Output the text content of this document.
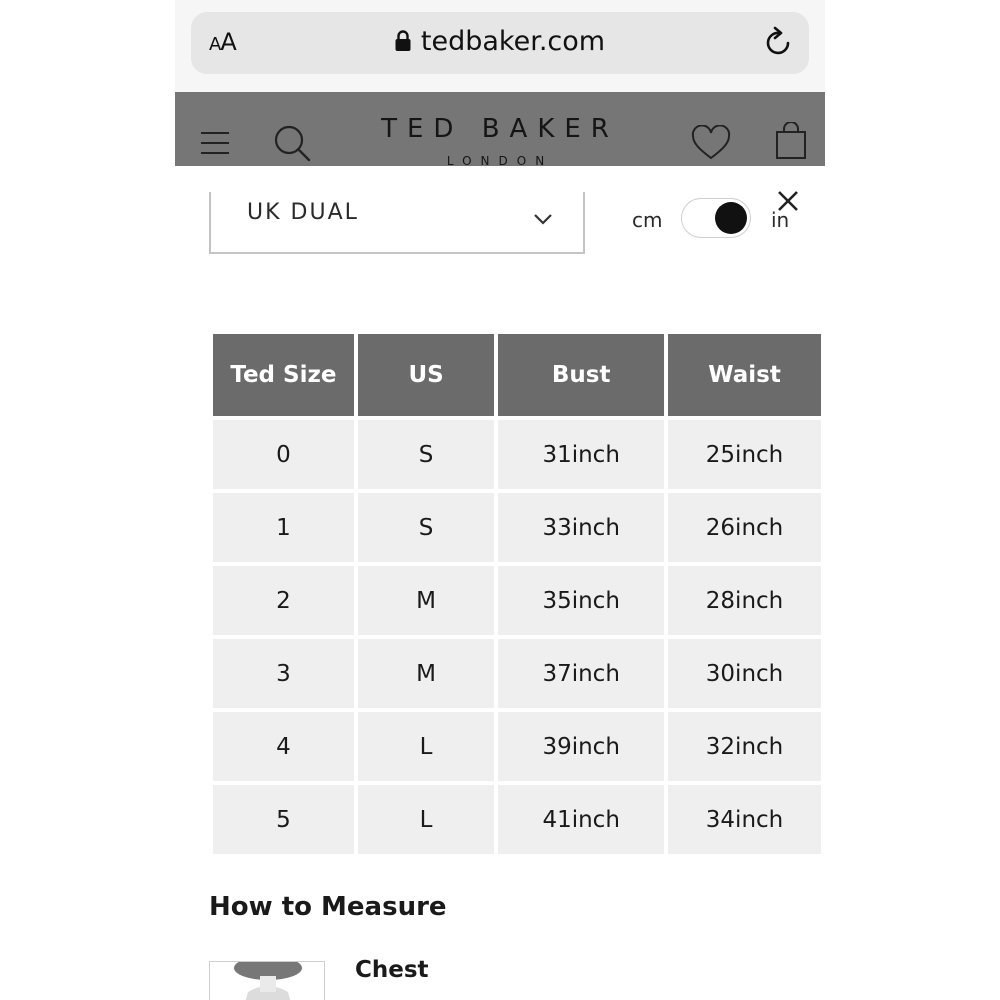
AA	tedbaker.com
TED BAKER
LONDON
UK DUAL	cm	in
Ted Size	US	Bust	Waist
0	S	31inch	25inch
1	S	33inch	26inch
2	M	35inch	28inch
3	M	37inch	30inch
4	L	39inch	32inch
5	L	41inch	34inch
How to Measure
Chest
